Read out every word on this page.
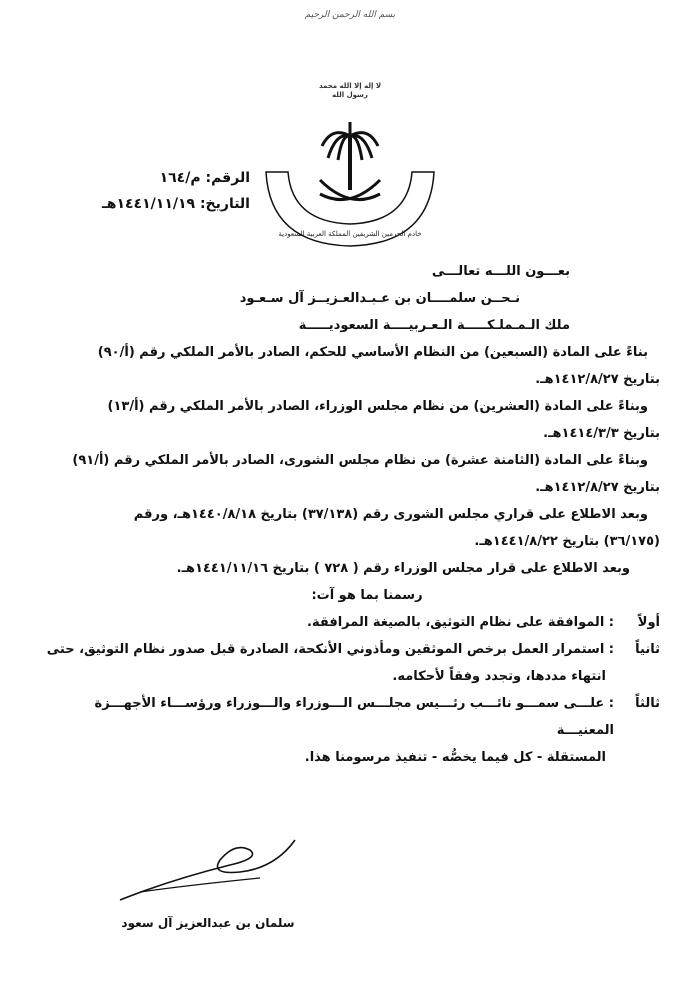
بسم الله الرحمن الرحيم
لا إله إلا الله محمد رسول الله
خادم الحرمين الشريفين المملكة العربية السعودية
الرقم: م/١٦٤
التاريخ: ١٤٤١/١١/١٩هـ
بعـــون اللـــه تعالـــى
نـحــن سلمــــان بن عـبـدالعـزيــز آل سـعـود
ملك الـمـملـكـــــة الـعـربيــــة السعوديـــــة
بناءً على المادة (السبعين) من النظام الأساسي للحكم، الصادر بالأمر الملكي رقم (أ/٩٠)
بتاريخ ١٤١٢/٨/٢٧هـ.
وبناءً على المادة (العشرين) من نظام مجلس الوزراء، الصادر بالأمر الملكي رقم (أ/١٣)
بتاريخ ١٤١٤/٣/٣هـ.
وبناءً على المادة (الثامنة عشرة) من نظام مجلس الشورى، الصادر بالأمر الملكي رقم (أ/٩١)
بتاريخ ١٤١٢/٨/٢٧هـ.
وبعد الاطلاع على قراري مجلس الشورى رقم (٣٧/١٣٨) بتاريخ ١٤٤٠/٨/١٨هـ، ورقم
(٣٦/١٧٥) بتاريخ ١٤٤١/٨/٢٢هـ.
وبعد الاطلاع على قرار مجلس الوزراء رقم ( ٧٢٨ ) بتاريخ ١٤٤١/١١/١٦هـ.
رسمنا بما هو آت:
أولاً
: الموافقة على نظام التوثيق، بالصيغة المرافقة.
ثانياً
: استمرار العمل برخص الموثقين ومأذوني الأنكحة، الصادرة قبل صدور نظام التوثيق، حتى
انتهاء مددها، وتجدد وفقاً لأحكامه.
ثالثاً
: علـــى سمـــو نائـــب رئـــيس مجلـــس الـــوزراء والـــوزراء ورؤســـاء الأجهـــزة المعنيـــة
المستقلة - كل فيما يخصُّه - تنفيذ مرسومنا هذا.
سلمان بن عبدالعزيز آل سعود
